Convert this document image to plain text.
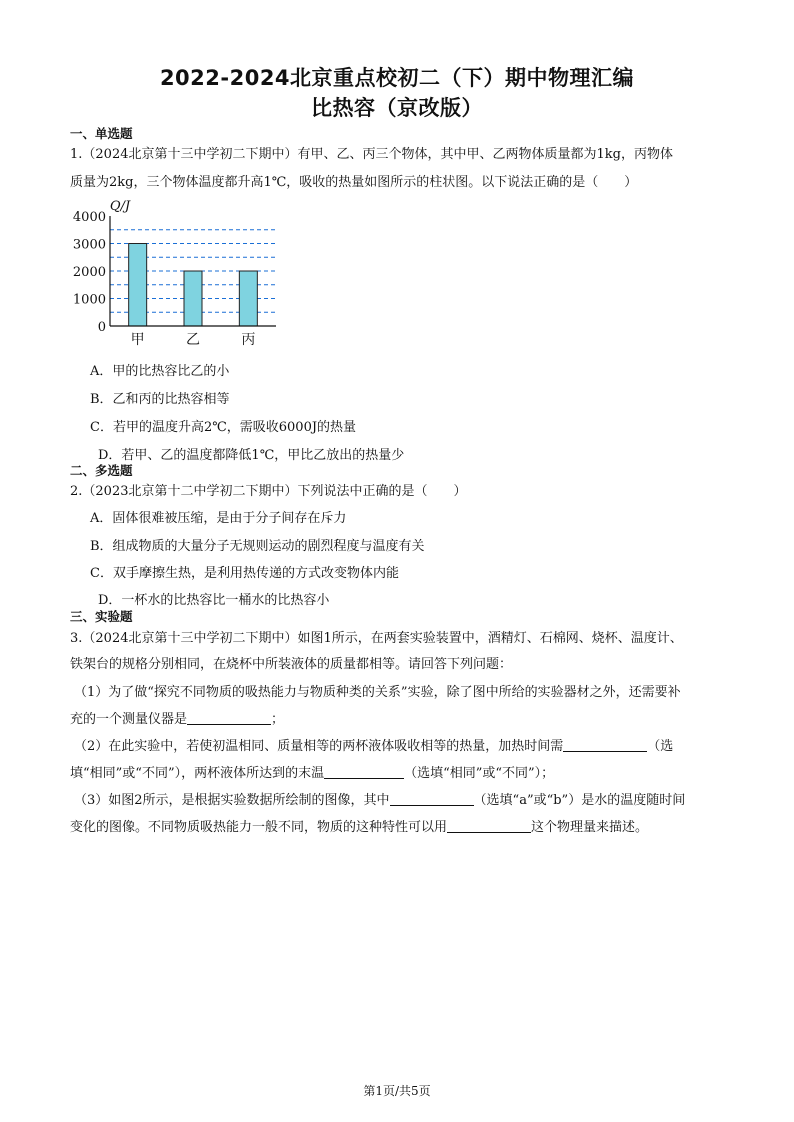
2022-2024北京重点校初二（下）期中物理汇编
比热容（京改版）
一、单选题
1.（2024北京第十三中学初二下期中）有甲、乙、丙三个物体，其中甲、乙两物体质量都为1kg，丙物体
质量为2kg，三个物体温度都升高1℃，吸收的热量如图所示的柱状图。以下说法正确的是（　　）
甲	乙	丙
0
1000
2000
3000
4000
Q/J
A．甲的比热容比乙的小
B．乙和丙的比热容相等
C．若甲的温度升高2℃，需吸收6000J的热量
D．若甲、乙的温度都降低1℃，甲比乙放出的热量少
二、多选题
2.（2023北京第十二中学初二下期中）下列说法中正确的是（　　）
A．固体很难被压缩，是由于分子间存在斥力
B．组成物质的大量分子无规则运动的剧烈程度与温度有关
C．双手摩擦生热，是利用热传递的方式改变物体内能
D．一杯水的比热容比一桶水的比热容小
三、实验题
3.（2024北京第十三中学初二下期中）如图1所示，在两套实验装置中，酒精灯、石棉网、烧杯、温度计、
铁架台的规格分别相同，在烧杯中所装液体的质量都相等。请回答下列问题：
（1）为了做“探究不同物质的吸热能力与物质种类的关系”实验，除了图中所给的实验器材之外，还需要补
充的一个测量仪器是	；
（2）在此实验中，若使初温相同、质量相等的两杯液体吸收相等的热量，加热时间需	（选
填“相同”或“不同”），两杯液体所达到的末温	（选填“相同”或“不同”）；
（3）如图2所示，是根据实验数据所绘制的图像，其中	（选填“a”或“b”）是水的温度随时间
变化的图像。不同物质吸热能力一般不同，物质的这种特性可以用	这个物理量来描述。
第1页/共5页
